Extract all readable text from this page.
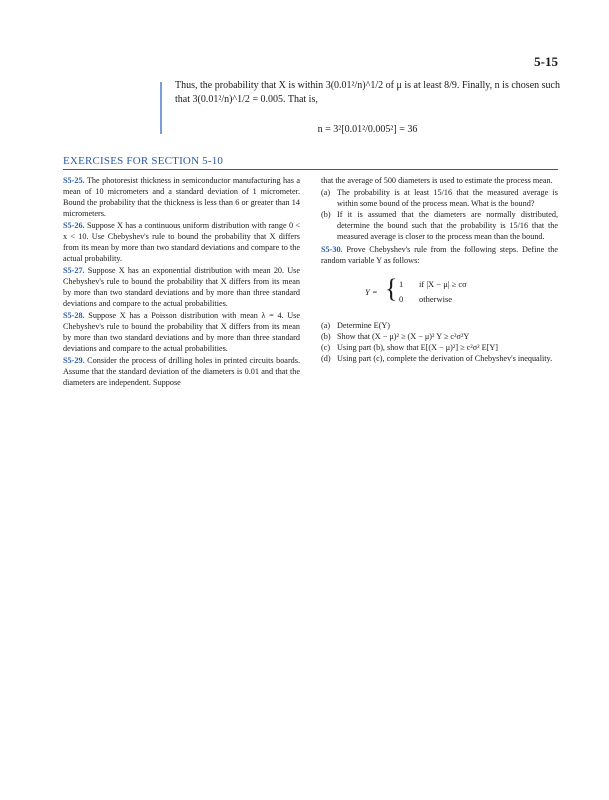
5-15
Thus, the probability that X is within 3(0.01²/n)^1/2 of μ is at least 8/9. Finally, n is chosen such that 3(0.01²/n)^1/2 = 0.005. That is,
n = 3²[0.01²/0.005²] = 36
EXERCISES FOR SECTION 5-10

S5-25. The photoresist thickness in semiconductor manufacturing has a mean of 10 micrometers and a standard deviation of 1 micrometer. Bound the probability that the thickness is less than 6 or greater than 14 micrometers.

S5-26. Suppose X has a continuous uniform distribution with range 0 < x < 10. Use Chebyshev's rule to bound the probability that X differs from its mean by more than two standard deviations and compare to the actual probability.

S5-27. Suppose X has an exponential distribution with mean 20. Use Chebyshev's rule to bound the probability that X differs from its mean by more than two standard deviations and by more than three standard deviations and compare to the actual probabilities.

S5-28. Suppose X has a Poisson distribution with mean λ = 4. Use Chebyshev's rule to bound the probability that X differs from its mean by more than two standard deviations and by more than three standard deviations and compare to the actual probabilities.

S5-29. Consider the process of drilling holes in printed circuits boards. Assume that the standard deviation of the diameters is 0.01 and that the diameters are independent. Suppose

that the average of 500 diameters is used to estimate the process mean.

(a) The probability is at least 15/16 that the measured average is within some bound of the process mean. What is the bound?
(b) If it is assumed that the diameters are normally distributed, determine the bound such that the probability is 15/16 that the measured average is closer to the process mean than the bound.

S5-30. Prove Chebyshev's rule from the following steps. Define the random variable Y as follows:

Y = { 1 if |X − μ| ≥ cσ
0 otherwise
(a) Determine E(Y)
(b) Show that (X − μ)² ≥ (X − μ)² Y ≥ c²σ²Y
(c) Using part (b), show that E[(X − μ)²] ≥ c²σ² E[Y]
(d) Using part (c), complete the derivation of Chebyshev's inequality.
